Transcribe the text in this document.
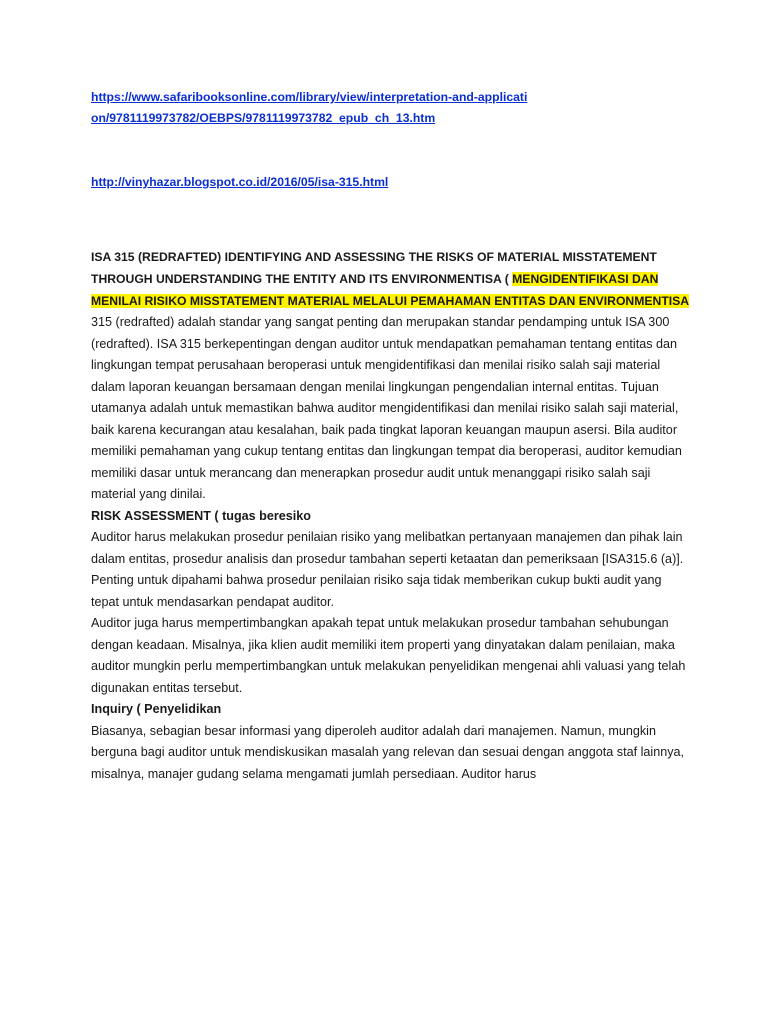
https://www.safaribooksonline.com/library/view/interpretation-and-application/9781119973782/OEBPS/9781119973782_epub_ch_13.htm
http://vinyhazar.blogspot.co.id/2016/05/isa-315.html
ISA 315 (REDRAFTED) IDENTIFYING AND ASSESSING THE RISKS OF MATERIAL MISSTATEMENT THROUGH UNDERSTANDING THE ENTITY AND ITS ENVIRONMENTISA ( MENGIDENTIFIKASI DAN MENILAI RISIKO MISSTATEMENT MATERIAL MELALUI PEMAHAMAN ENTITAS DAN ENVIRONMENTISA

315 (redrafted) adalah standar yang sangat penting dan merupakan standar pendamping untuk ISA 300 (redrafted). ISA 315 berkepentingan dengan auditor untuk mendapatkan pemahaman tentang entitas dan lingkungan tempat perusahaan beroperasi untuk mengidentifikasi dan menilai risiko salah saji material dalam laporan keuangan bersamaan dengan menilai lingkungan pengendalian internal entitas. Tujuan utamanya adalah untuk memastikan bahwa auditor mengidentifikasi dan menilai risiko salah saji material, baik karena kecurangan atau kesalahan, baik pada tingkat laporan keuangan maupun asersi. Bila auditor memiliki pemahaman yang cukup tentang entitas dan lingkungan tempat dia beroperasi, auditor kemudian memiliki dasar untuk merancang dan menerapkan prosedur audit untuk menanggapi risiko salah saji material yang dinilai.

RISK ASSESSMENT ( tugas beresiko

Auditor harus melakukan prosedur penilaian risiko yang melibatkan pertanyaan manajemen dan pihak lain dalam entitas, prosedur analisis dan prosedur tambahan seperti ketaatan dan pemeriksaan [ISA315.6 (a)]. Penting untuk dipahami bahwa prosedur penilaian risiko saja tidak memberikan cukup bukti audit yang tepat untuk mendasarkan pendapat auditor.

Auditor juga harus mempertimbangkan apakah tepat untuk melakukan prosedur tambahan sehubungan dengan keadaan. Misalnya, jika klien audit memiliki item properti yang dinyatakan dalam penilaian, maka auditor mungkin perlu mempertimbangkan untuk melakukan penyelidikan mengenai ahli valuasi yang telah digunakan entitas tersebut.

Inquiry ( Penyelidikan

Biasanya, sebagian besar informasi yang diperoleh auditor adalah dari manajemen. Namun, mungkin berguna bagi auditor untuk mendiskusikan masalah yang relevan dan sesuai dengan anggota staf lainnya, misalnya, manajer gudang selama mengamati jumlah persediaan. Auditor harus
